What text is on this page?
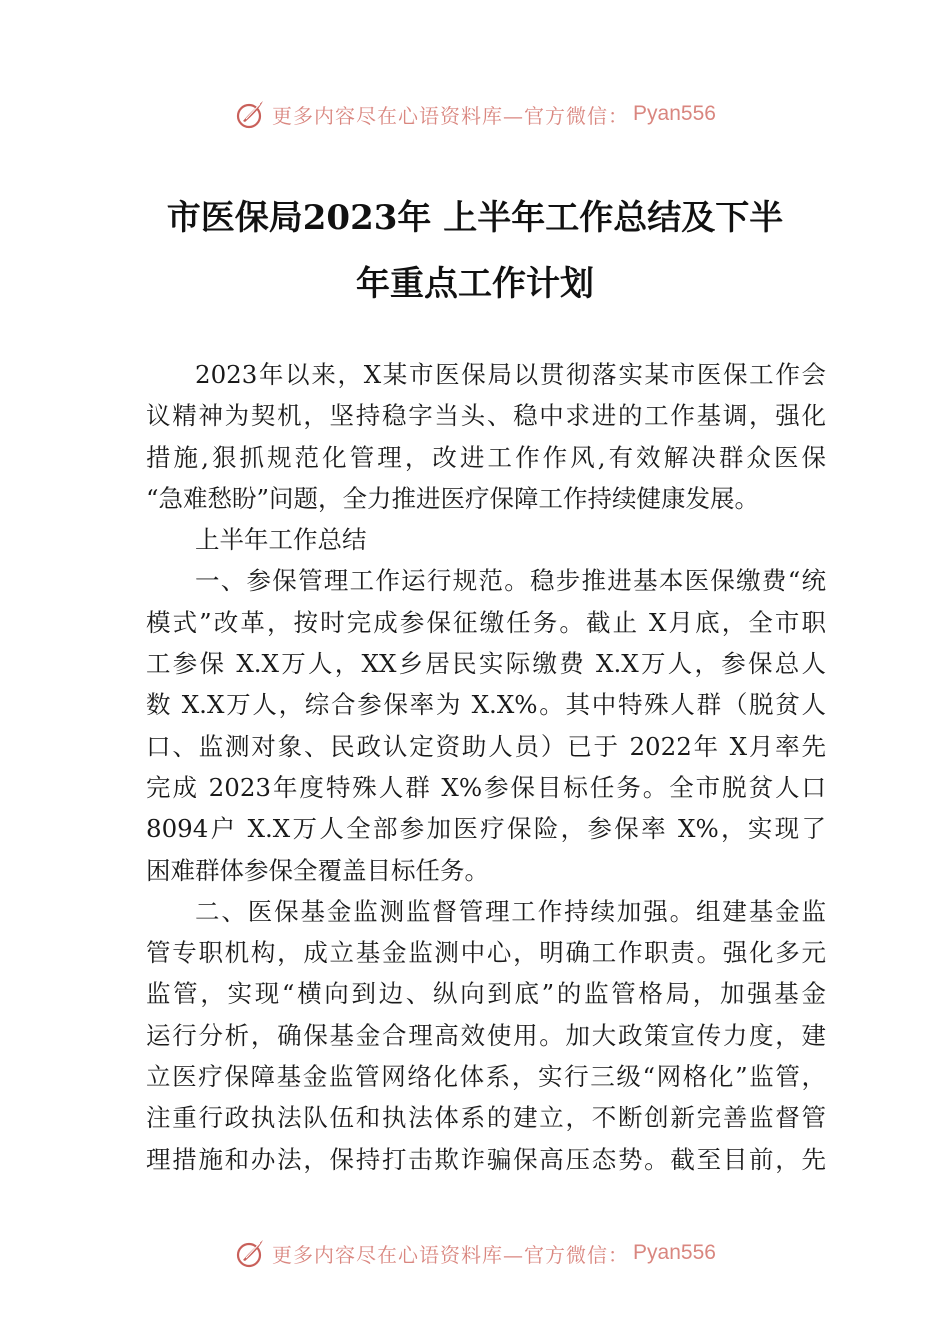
更多内容尽在心语资料库—官方微信： Pyan556
市医保局2023年 上半年工作总结及下半
年重点工作计划
2023年以来，X某市医保局以贯彻落实某市医保工作会
议精神为契机，坚持稳字当头、稳中求进的工作基调，强化
措施,狠抓规范化管理，改进工作作风,有效解决群众医保
“急难愁盼”问题，全力推进医疗保障工作持续健康发展。
上半年工作总结
一、参保管理工作运行规范。稳步推进基本医保缴费“统
模式”改革，按时完成参保征缴任务。截止 X月底，全市职
工参保 X.X万人，XX乡居民实际缴费 X.X万人，参保总人
数 X.X万人，综合参保率为 X.X%。其中特殊人群（脱贫人
口、监测对象、民政认定资助人员）已于 2022年 X月率先
完成 2023年度特殊人群 X%参保目标任务。全市脱贫人口
8094户 X.X万人全部参加医疗保险，参保率 X%，实现了
困难群体参保全覆盖目标任务。
二、医保基金监测监督管理工作持续加强。组建基金监
管专职机构，成立基金监测中心，明确工作职责。强化多元
监管，实现“横向到边、纵向到底”的监管格局，加强基金
运行分析，确保基金合理高效使用。加大政策宣传力度，建
立医疗保障基金监管网络化体系，实行三级“网格化”监管，
注重行政执法队伍和执法体系的建立，不断创新完善监督管
理措施和办法，保持打击欺诈骗保高压态势。截至目前，先
更多内容尽在心语资料库—官方微信： Pyan556
